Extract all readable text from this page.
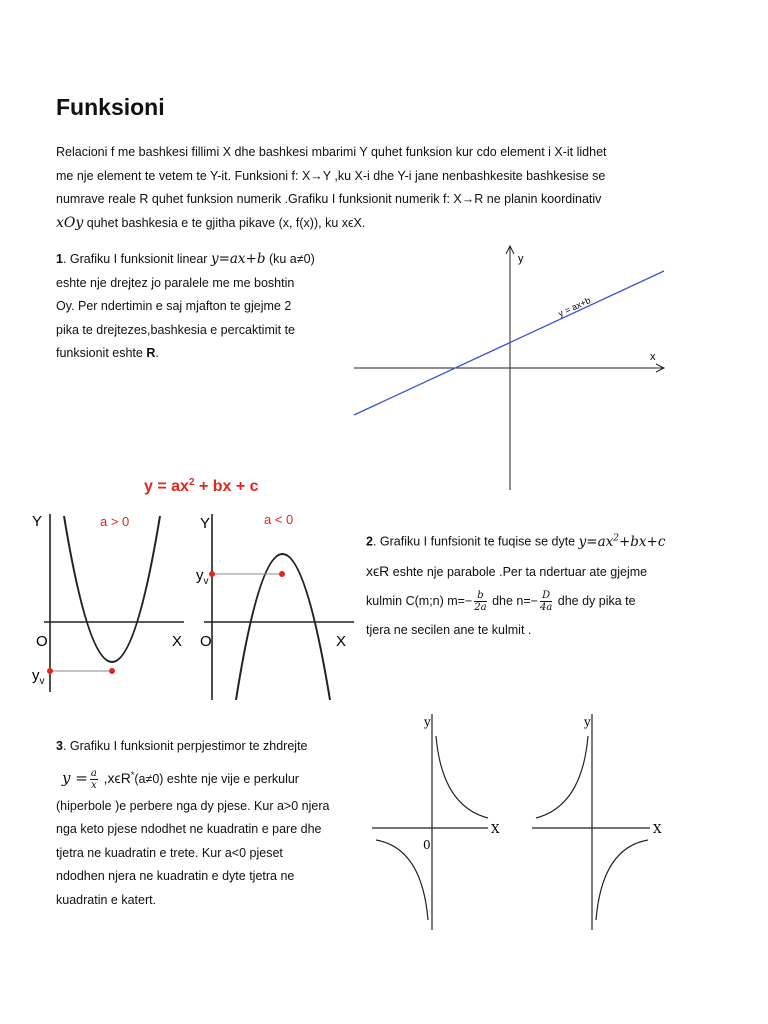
Funksioni
Relacioni f me bashkesi fillimi X dhe bashkesi mbarimi Y quhet funksion kur cdo element i X-it lidhet
me nje element te vetem te Y-it. Funksioni f: X→Y ,ku X-i dhe Y-i jane nenbashkesite bashkesise se
numrave reale R quhet funksion numerik .Grafiku I funksionit numerik f: X→R ne planin koordinativ
xOy quhet bashkesia e te gjitha pikave (x, f(x)), ku xϵX.
1. Grafiku I funksionit linear y=ax+b (ku a≠0)
eshte nje drejtez jo paralele me me boshtin
Oy. Per ndertimin e saj mjafton te gjejme 2
pika te drejtezes,bashkesia e percaktimit te
funksionit eshte R.
y
x
y = ax+b
$y = ax^2$ + bx + c
Y	a > 0
O	X
$y_v$
Y	a < 0
O	X
$y_v$
2. Grafiku I funfsionit te fuqise se dyte $y=ax^2+bx+c$
xϵR eshte nje parabole .Per ta ndertuar ate gjejme
kulmin C(m;n) $m=- \frac{b}{2a}$ dhe $n=- \frac{D}{4a}$ dhe dy pika te
tjera ne secilen ane te kulmit .
3. Grafiku I funksionit perpjestimor te zhdrejte
$y = \frac{a}{x} ,x\epsilon R^*(a\ne 0)$ eshte nje vije e perkulur
(hiperbole )e perbere nga dy pjese. Kur a>0 njera
nga keto pjese ndodhet ne kuadratin e pare dhe
tjetra ne kuadratin e trete. Kur a<0 pjeset
ndodhen njera ne kuadratin e dyte tjetra ne
kuadratin e katert.
y
X
0
y
X
